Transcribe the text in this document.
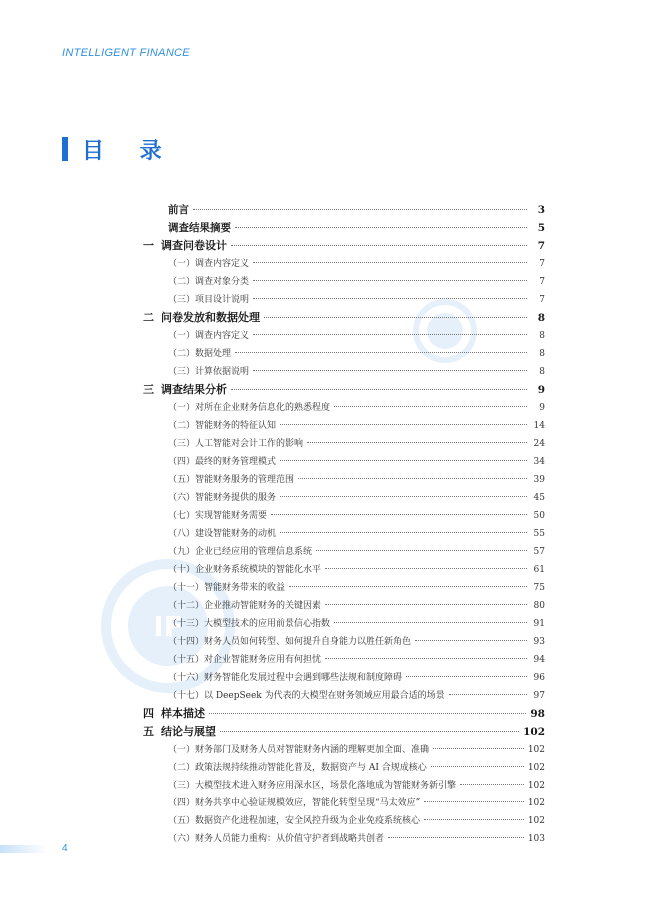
INTELLIGENT FINANCE
目 录
IF
前言	3
调查结果摘要	5
一 调查问卷设计	7
（一）调查内容定义	7
（二）调查对象分类	7
（三）项目设计说明	7
二 问卷发放和数据处理	8
（一）调查内容定义	8
（二）数据处理	8
（三）计算依据说明	8
三 调查结果分析	9
（一）对所在企业财务信息化的熟悉程度	9
（二）智能财务的特征认知	14
（三）人工智能对会计工作的影响	24
（四）最终的财务管理模式	34
（五）智能财务服务的管理范围	39
（六）智能财务提供的服务	45
（七）实现智能财务需要	50
（八）建设智能财务的动机	55
（九）企业已经应用的管理信息系统	57
（十）企业财务系统模块的智能化水平	61
（十一）智能财务带来的收益	75
（十二）企业推动智能财务的关键因素	80
（十三）大模型技术的应用前景信心指数	91
（十四）财务人员如何转型、如何提升自身能力以胜任新角色	93
（十五）对企业智能财务应用有何担忧	94
（十六）财务智能化发展过程中会遇到哪些法规和制度障碍	96
（十七）以 DeepSeek 为代表的大模型在财务领域应用最合适的场景	97
四 样本描述	98
五 结论与展望	102
（一）财务部门及财务人员对智能财务内涵的理解更加全面、准确	102
（二）政策法规持续推动智能化普及，数据资产与 AI 合规成核心	102
（三）大模型技术进入财务应用深水区，场景化落地成为智能财务新引擎	102
（四）财务共享中心验证规模效应，智能化转型呈现“马太效应”	102
（五）数据资产化进程加速，安全风控升级为企业免疫系统核心	102
（六）财务人员能力重构：从价值守护者到战略共创者	103
4
